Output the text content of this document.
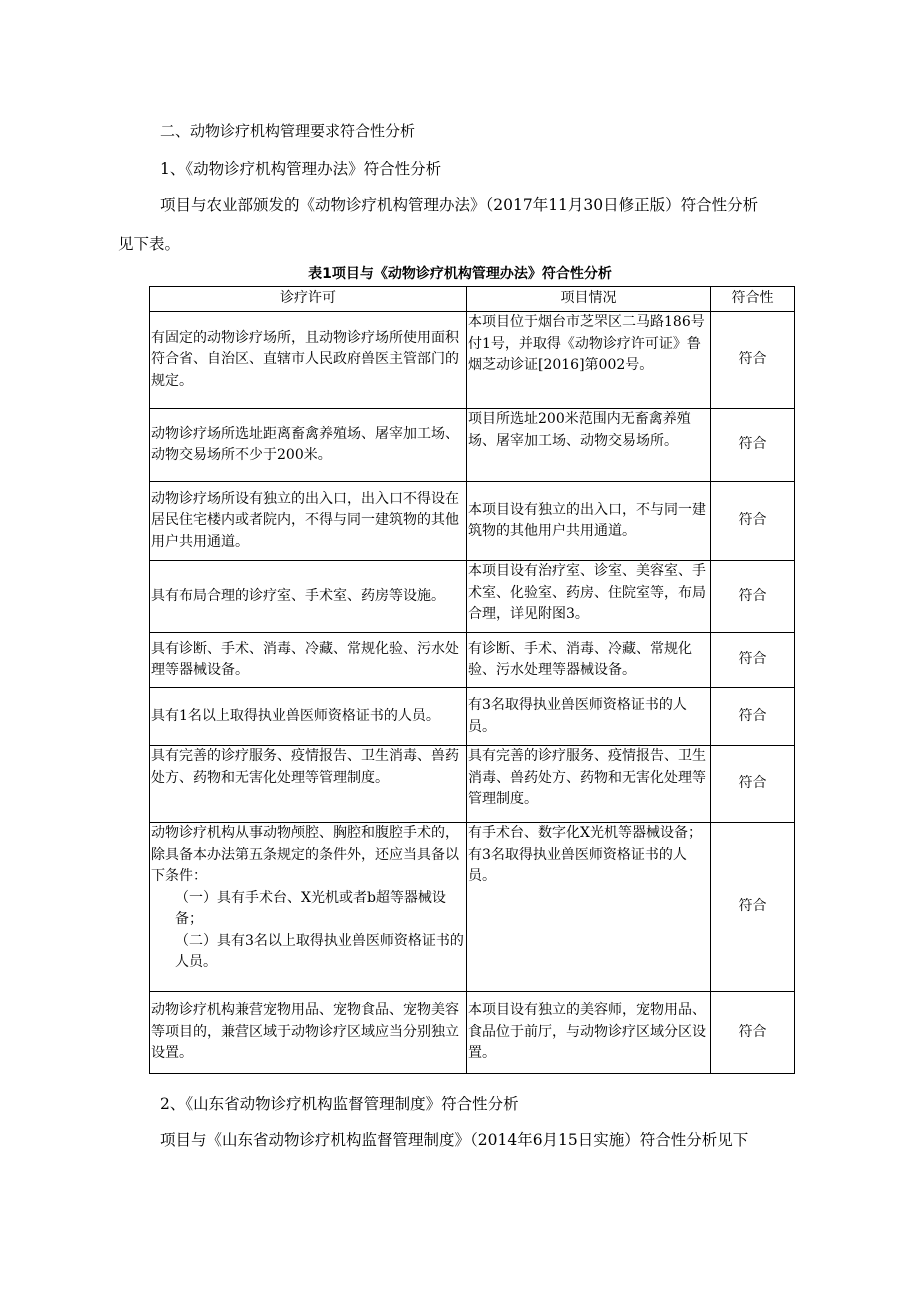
二、动物诊疗机构管理要求符合性分析
1、《动物诊疗机构管理办法》符合性分析
项目与农业部颁发的《动物诊疗机构管理办法》（2017年11月30日修正版）符合性分析
见下表。
表1项目与《动物诊疗机构管理办法》符合性分析
诊疗许可	项目情况	符合性
有固定的动物诊疗场所，且动物诊疗场所使用面积符合省、自治区、直辖市人民政府兽医主管部门的规定。	本项目位于烟台市芝罘区二马路186号付1号，并取得《动物诊疗许可证》鲁烟芝动诊证[2016]第002号。	符合
动物诊疗场所选址距离畜禽养殖场、屠宰加工场、动物交易场所不少于200米。	项目所选址200米范围内无畜禽养殖场、屠宰加工场、动物交易场所。	符合
动物诊疗场所设有独立的出入口，出入口不得设在居民住宅楼内或者院内，不得与同一建筑物的其他用户共用通道。	本项目设有独立的出入口，不与同一建筑物的其他用户共用通道。	符合
具有布局合理的诊疗室、手术室、药房等设施。	本项目设有治疗室、诊室、美容室、手术室、化验室、药房、住院室等，布局合理，详见附图3。	符合
具有诊断、手术、消毒、冷藏、常规化验、污水处理等器械设备。	有诊断、手术、消毒、冷藏、常规化验、污水处理等器械设备。	符合
具有1名以上取得执业兽医师资格证书的人员。	有3名取得执业兽医师资格证书的人员。	符合
具有完善的诊疗服务、疫情报告、卫生消毒、兽药处方、药物和无害化处理等管理制度。	具有完善的诊疗服务、疫情报告、卫生消毒、兽药处方、药物和无害化处理等管理制度。	符合
动物诊疗机构从事动物颅腔、胸腔和腹腔手术的，除具备本办法第五条规定的条件外，还应当具备以下条件：
（一）具有手术台、X光机或者b超等器械设备；
（二）具有3名以上取得执业兽医师资格证书的人员。	有手术台、数字化X光机等器械设备；有3名取得执业兽医师资格证书的人员。	符合
动物诊疗机构兼营宠物用品、宠物食品、宠物美容等项目的，兼营区域于动物诊疗区域应当分别独立设置。	本项目设有独立的美容师，宠物用品、食品位于前厅，与动物诊疗区域分区设置。	符合
2、《山东省动物诊疗机构监督管理制度》符合性分析
项目与《山东省动物诊疗机构监督管理制度》（2014年6月15日实施）符合性分析见下
